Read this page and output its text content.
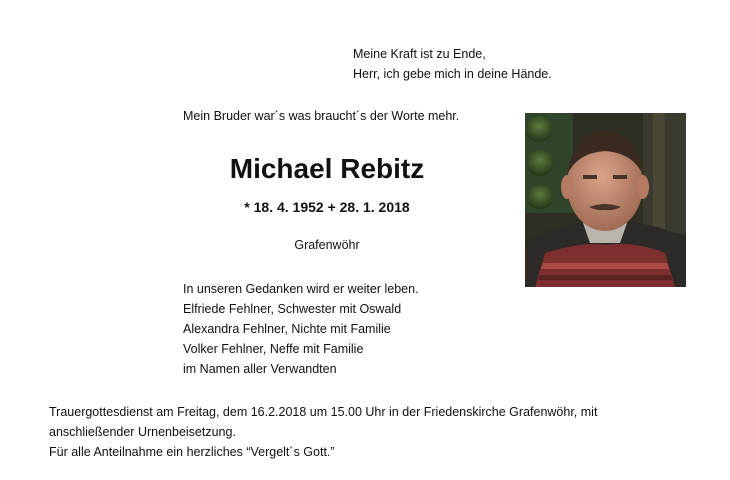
Meine Kraft ist zu Ende,
Herr, ich gebe mich in deine Hände.

Mein Bruder war´s was braucht´s der Worte mehr.

Michael Rebitz
* 18. 4. 1952 + 28. 1. 2018
Grafenwöhr
In unseren Gedanken wird er weiter leben.
Elfriede Fehlner, Schwester mit Oswald
Alexandra Fehlner, Nichte mit Familie
Volker Fehlner, Neffe mit Familie
im Namen aller Verwandten
Trauergottesdienst am Freitag, dem 16.2.2018 um 15.00 Uhr in der Friedenskirche Grafenwöhr, mit
anschließender Urnenbeisetzung.
Für alle Anteilnahme ein herzliches “Vergelt´s Gott.”
